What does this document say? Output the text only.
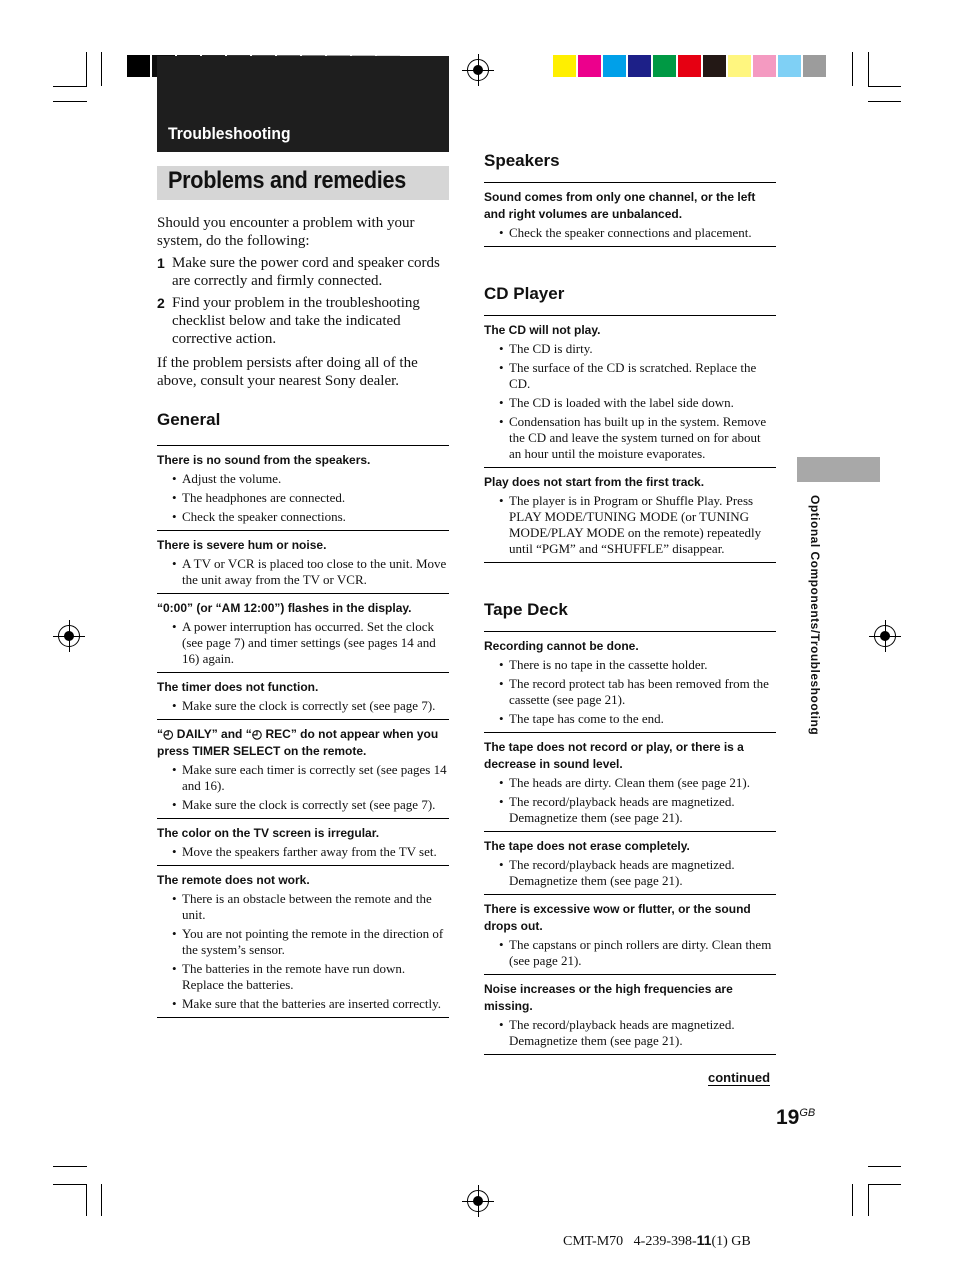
Troubleshooting
Problems and remedies
Should you encounter a problem with your system, do the following:
1 Make sure the power cord and speaker cords are correctly and firmly connected.
2 Find your problem in the troubleshooting checklist below and take the indicated corrective action.
If the problem persists after doing all of the above, consult your nearest Sony dealer.
General
There is no sound from the speakers.
• Adjust the volume.
• The headphones are connected.
• Check the speaker connections.
There is severe hum or noise.
• A TV or VCR is placed too close to the unit. Move the unit away from the TV or VCR.
“0:00” (or “AM 12:00”) flashes in the display.
• A power interruption has occurred. Set the clock (see page 7) and timer settings (see pages 14 and 16) again.
The timer does not function.
• Make sure the clock is correctly set (see page 7).
“◴ DAILY” and “◴ REC” do not appear when you press TIMER SELECT on the remote.
• Make sure each timer is correctly set (see pages 14 and 16).
• Make sure the clock is correctly set (see page 7).
The color on the TV screen is irregular.
• Move the speakers farther away from the TV set.
The remote does not work.
• There is an obstacle between the remote and the unit.
• You are not pointing the remote in the direction of the system’s sensor.
• The batteries in the remote have run down. Replace the batteries.
• Make sure that the batteries are inserted correctly.
Speakers
Sound comes from only one channel, or the left and right volumes are unbalanced.
• Check the speaker connections and placement.
CD Player
The CD will not play.
• The CD is dirty.
• The surface of the CD is scratched. Replace the CD.
• The CD is loaded with the label side down.
• Condensation has built up in the system. Remove the CD and leave the system turned on for about an hour until the moisture evaporates.
Play does not start from the first track.
• The player is in Program or Shuffle Play. Press PLAY MODE/TUNING MODE (or TUNING MODE/PLAY MODE on the remote) repeatedly until “PGM” and “SHUFFLE” disappear.
Tape Deck
Recording cannot be done.
• There is no tape in the cassette holder.
• The record protect tab has been removed from the cassette (see page 21).
• The tape has come to the end.
The tape does not record or play, or there is a decrease in sound level.
• The heads are dirty. Clean them (see page 21).
• The record/playback heads are magnetized. Demagnetize them (see page 21).
The tape does not erase completely.
• The record/playback heads are magnetized. Demagnetize them (see page 21).
There is excessive wow or flutter, or the sound drops out.
• The capstans or pinch rollers are dirty. Clean them (see page 21).
Noise increases or the high frequencies are missing.
• The record/playback heads are magnetized. Demagnetize them (see page 21).
Optional Components/Troubleshooting
continued
$19^{GB}$
CMT-M70 4-239-398-11(1) GB
